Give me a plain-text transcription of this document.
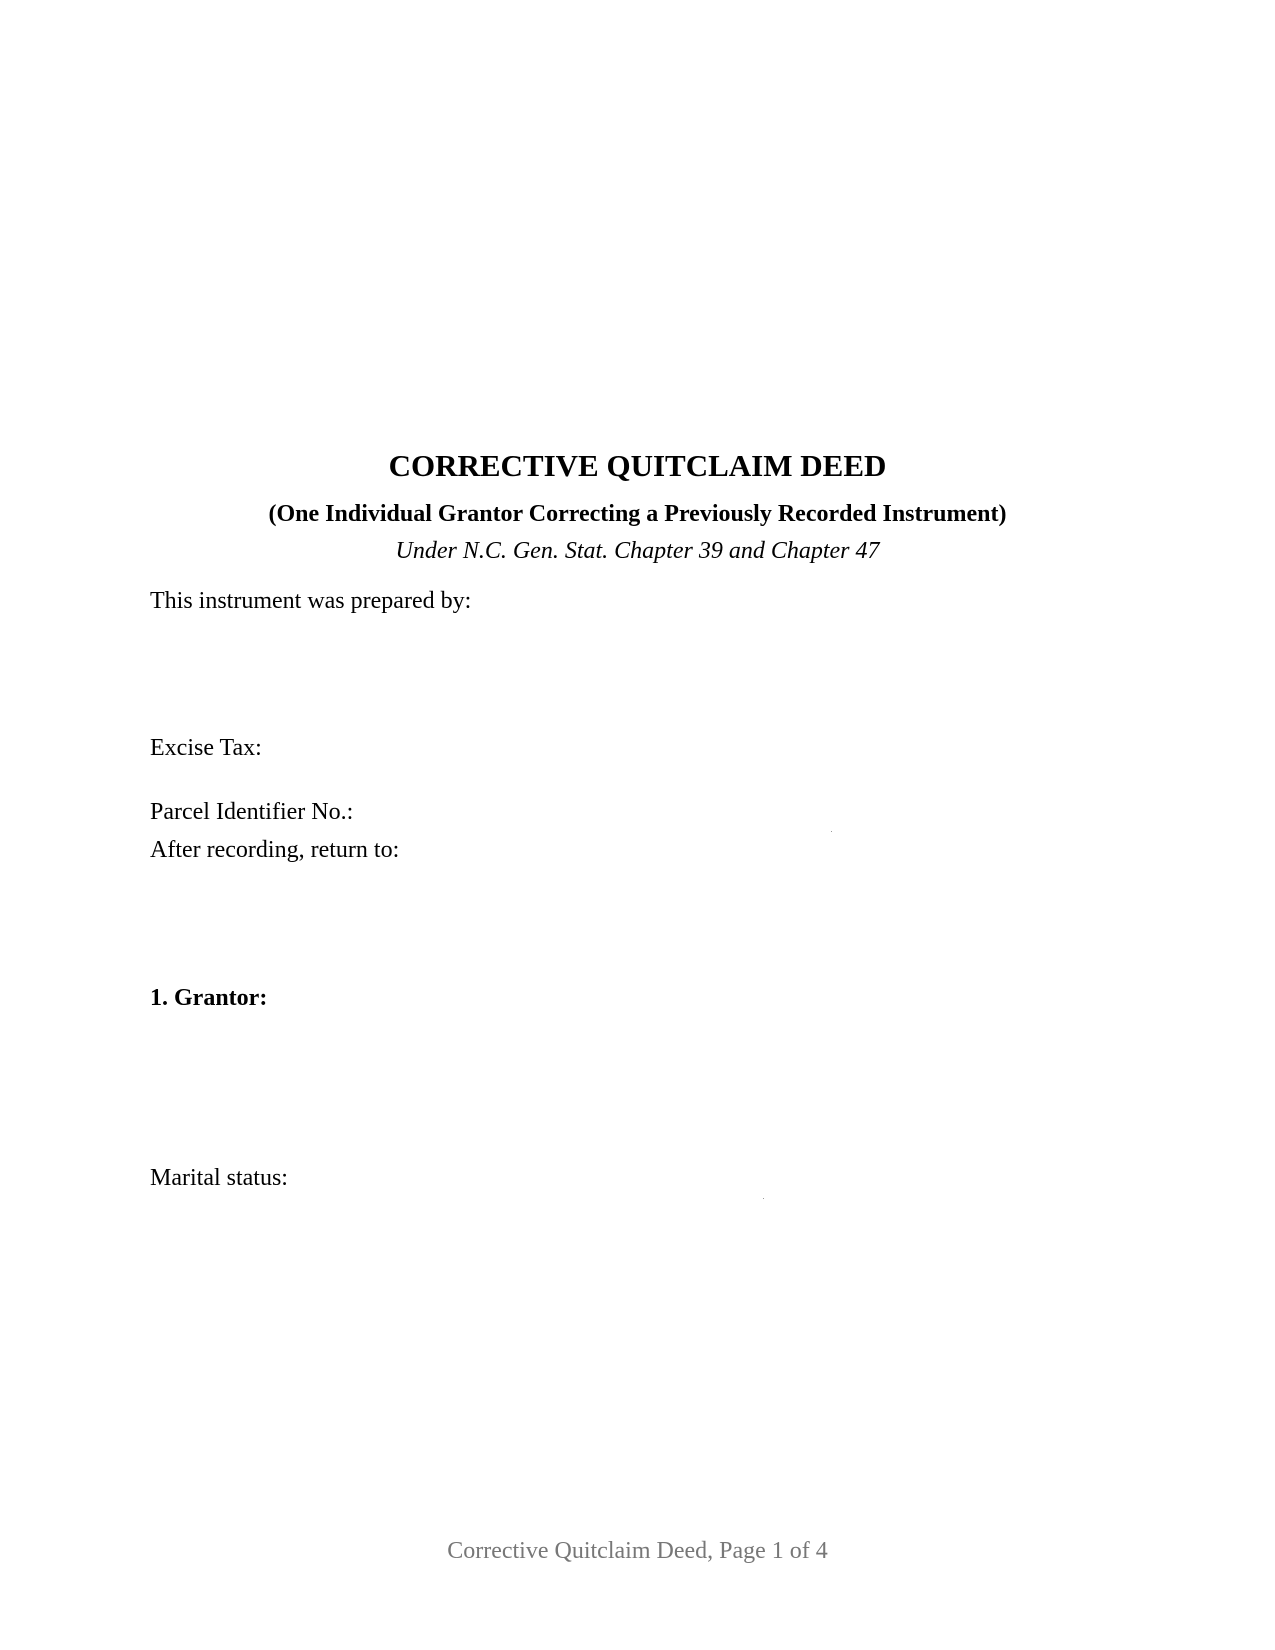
CORRECTIVE QUITCLAIM DEED
(One Individual Grantor Correcting a Previously Recorded Instrument)

Under N.C. Gen. Stat. Chapter 39 and Chapter 47

This instrument was prepared by:

Excise Tax:

Parcel Identifier No.:

After recording, return to:

1. Grantor:

Marital status:

Corrective Quitclaim Deed, Page 1 of 4
